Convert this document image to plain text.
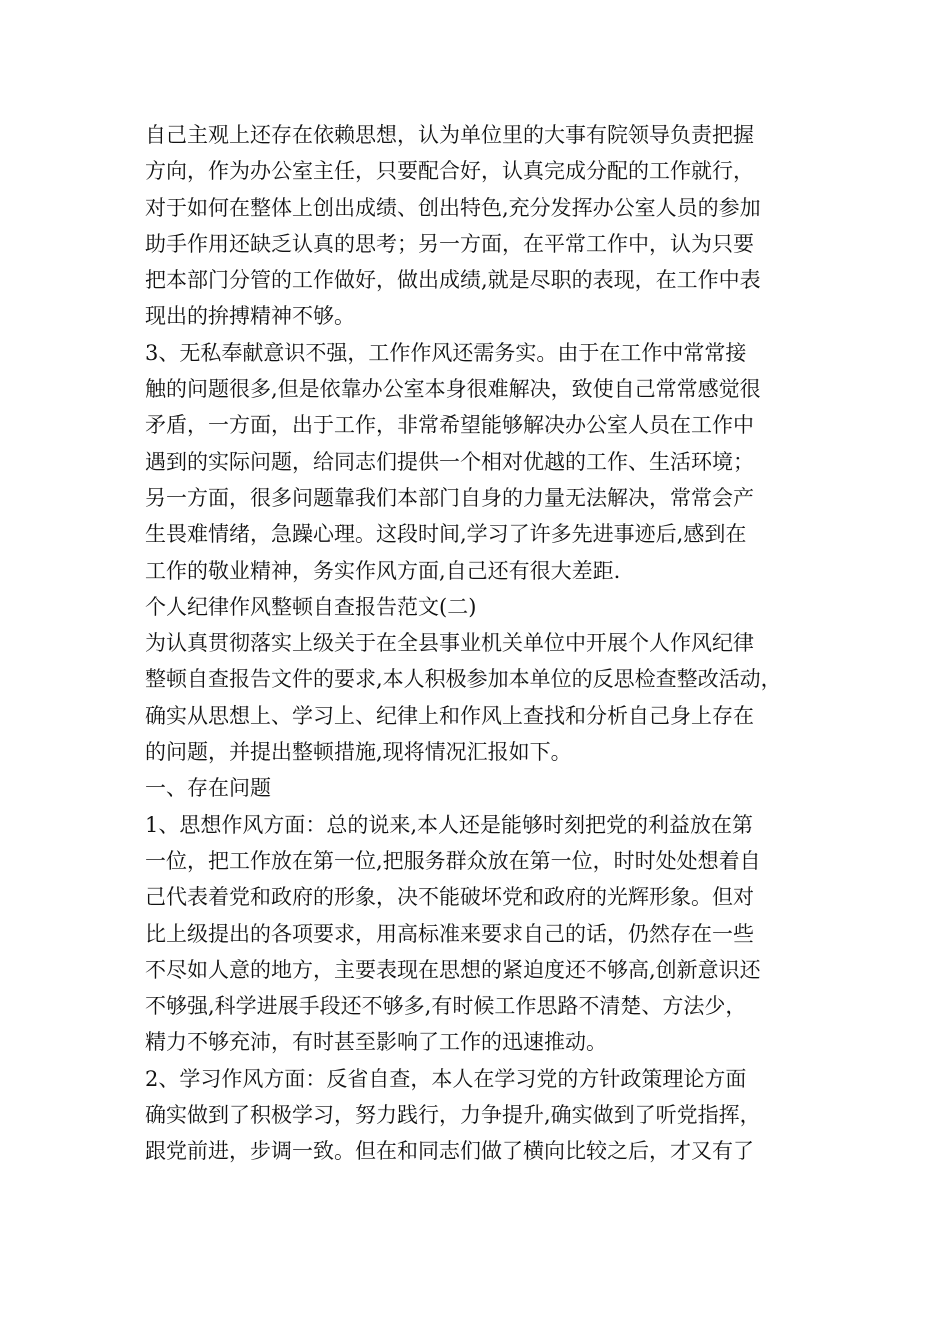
自己主观上还存在依赖思想，认为单位里的大事有院领导负责把握
方向，作为办公室主任，只要配合好，认真完成分配的工作就行，
对于如何在整体上创出成绩、创出特色,充分发挥办公室人员的参加
助手作用还缺乏认真的思考；另一方面，在平常工作中，认为只要
把本部门分管的工作做好，做出成绩,就是尽职的表现，在工作中表
现出的拚搏精神不够。
3、无私奉献意识不强，工作作风还需务实。由于在工作中常常接
触的问题很多,但是依靠办公室本身很难解决，致使自己常常感觉很
矛盾，一方面，出于工作，非常希望能够解决办公室人员在工作中
遇到的实际问题，给同志们提供一个相对优越的工作、生活环境；
另一方面，很多问题靠我们本部门自身的力量无法解决，常常会产
生畏难情绪，急躁心理。这段时间,学习了许多先进事迹后,感到在
工作的敬业精神，务实作风方面,自己还有很大差距.
个人纪律作风整顿自查报告范文(二)
为认真贯彻落实上级关于在全县事业机关单位中开展个人作风纪律
整顿自查报告文件的要求,本人积极参加本单位的反思检查整改活动，
确实从思想上、学习上、纪律上和作风上查找和分析自己身上存在
的问题，并提出整顿措施,现将情况汇报如下。
一、存在问题
1、思想作风方面：总的说来,本人还是能够时刻把党的利益放在第
一位，把工作放在第一位,把服务群众放在第一位，时时处处想着自
己代表着党和政府的形象，决不能破坏党和政府的光辉形象。但对
比上级提出的各项要求，用高标准来要求自己的话，仍然存在一些
不尽如人意的地方，主要表现在思想的紧迫度还不够高,创新意识还
不够强,科学进展手段还不够多,有时候工作思路不清楚、方法少，
精力不够充沛，有时甚至影响了工作的迅速推动。
2、学习作风方面：反省自查，本人在学习党的方针政策理论方面
确实做到了积极学习，努力践行，力争提升,确实做到了听党指挥，
跟党前进，步调一致。但在和同志们做了横向比较之后，才又有了
